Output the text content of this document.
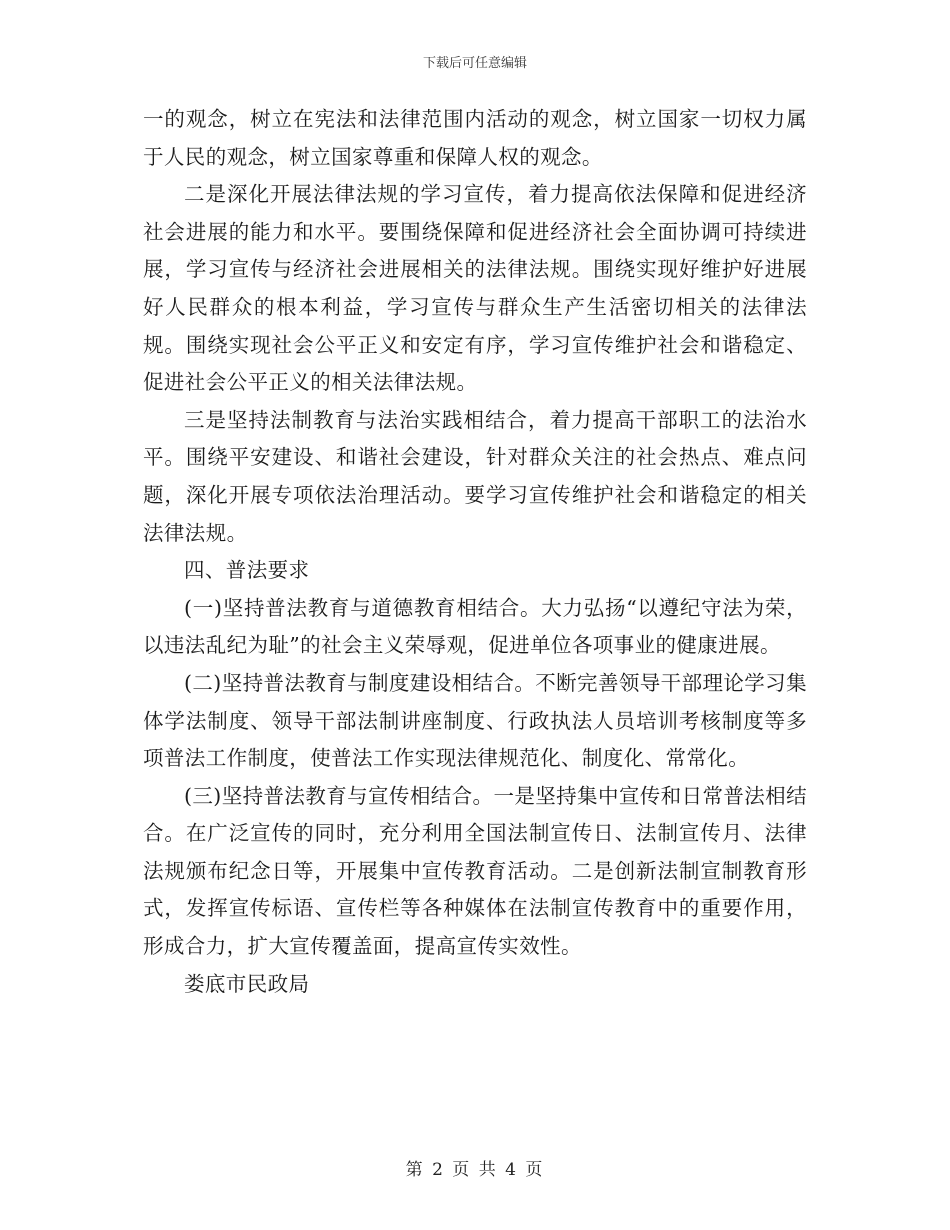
下载后可任意编辑

一的观念，树立在宪法和法律范围内活动的观念，树立国家一切权力属于人民的观念，树立国家尊重和保障人权的观念。

二是深化开展法律法规的学习宣传，着力提高依法保障和促进经济社会进展的能力和水平。要围绕保障和促进经济社会全面协调可持续进展，学习宣传与经济社会进展相关的法律法规。围绕实现好维护好进展好人民群众的根本利益，学习宣传与群众生产生活密切相关的法律法规。围绕实现社会公平正义和安定有序，学习宣传维护社会和谐稳定、促进社会公平正义的相关法律法规。

三是坚持法制教育与法治实践相结合，着力提高干部职工的法治水平。围绕平安建设、和谐社会建设，针对群众关注的社会热点、难点问题，深化开展专项依法治理活动。要学习宣传维护社会和谐稳定的相关法律法规。

四、普法要求

(一)坚持普法教育与道德教育相结合。大力弘扬“以遵纪守法为荣，以违法乱纪为耻”的社会主义荣辱观，促进单位各项事业的健康进展。

(二)坚持普法教育与制度建设相结合。不断完善领导干部理论学习集体学法制度、领导干部法制讲座制度、行政执法人员培训考核制度等多项普法工作制度，使普法工作实现法律规范化、制度化、常常化。

(三)坚持普法教育与宣传相结合。一是坚持集中宣传和日常普法相结合。在广泛宣传的同时，充分利用全国法制宣传日、法制宣传月、法律法规颁布纪念日等，开展集中宣传教育活动。二是创新法制宣制教育形式，发挥宣传标语、宣传栏等各种媒体在法制宣传教育中的重要作用，形成合力，扩大宣传覆盖面，提高宣传实效性。

娄底市民政局

第 2 页 共 4 页
